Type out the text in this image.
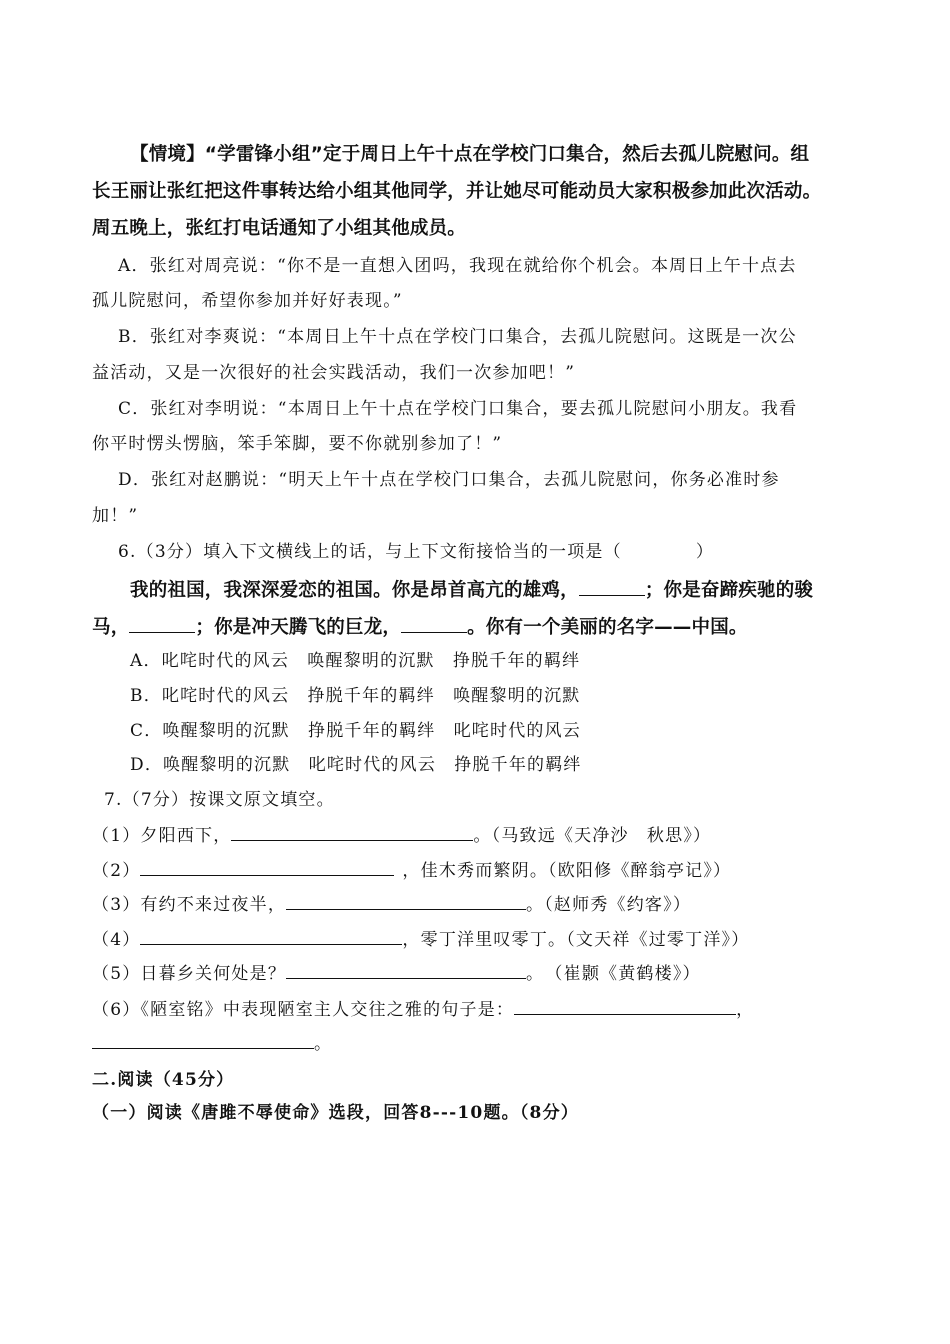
【情境】“学雷锋小组”定于周日上午十点在学校门口集合，然后去孤儿院慰问。组
长王丽让张红把这件事转达给小组其他同学，并让她尽可能动员大家积极参加此次活动。
周五晚上，张红打电话通知了小组其他成员。
A．张红对周亮说：“你不是一直想入团吗，我现在就给你个机会。本周日上午十点去
孤儿院慰问，希望你参加并好好表现。”
B．张红对李爽说：“本周日上午十点在学校门口集合，去孤儿院慰问。这既是一次公
益活动，又是一次很好的社会实践活动，我们一次参加吧！”
C．张红对李明说：“本周日上午十点在学校门口集合，要去孤儿院慰问小朋友。我看
你平时愣头愣脑，笨手笨脚，要不你就别参加了！”
D．张红对赵鹏说：“明天上午十点在学校门口集合，去孤儿院慰问，你务必准时参
加！”
6.（3分）填入下文横线上的话，与上下文衔接恰当的一项是（	）
我的祖国，我深深爱恋的祖国。你是昂首高亢的雄鸡，	；你是奋蹄疾驰的骏
马，	；你是冲天腾飞的巨龙，	。你有一个美丽的名字——中国。
A．叱咤时代的风云　唤醒黎明的沉默　挣脱千年的羁绊
B．叱咤时代的风云　挣脱千年的羁绊　唤醒黎明的沉默
C．唤醒黎明的沉默　挣脱千年的羁绊　叱咤时代的风云
D．唤醒黎明的沉默　叱咤时代的风云　挣脱千年的羁绊
7.（7分）按课文原文填空。
（1）夕阳西下，	。（马致远《天净沙　秋思》）
（2）	，佳木秀而繁阴。（欧阳修《醉翁亭记》）
（3）有约不来过夜半，	。（赵师秀《约客》）
（4）	，零丁洋里叹零丁。（文天祥《过零丁洋》）
（5）日暮乡关何处是？	。　（崔颢《黄鹤楼》）
（6）《陋室铭》中表现陋室主人交往之雅的句子是：	，
。
二.阅读（45分）
（一）阅读《唐雎不辱使命》选段，回答8---10题。（8分）
